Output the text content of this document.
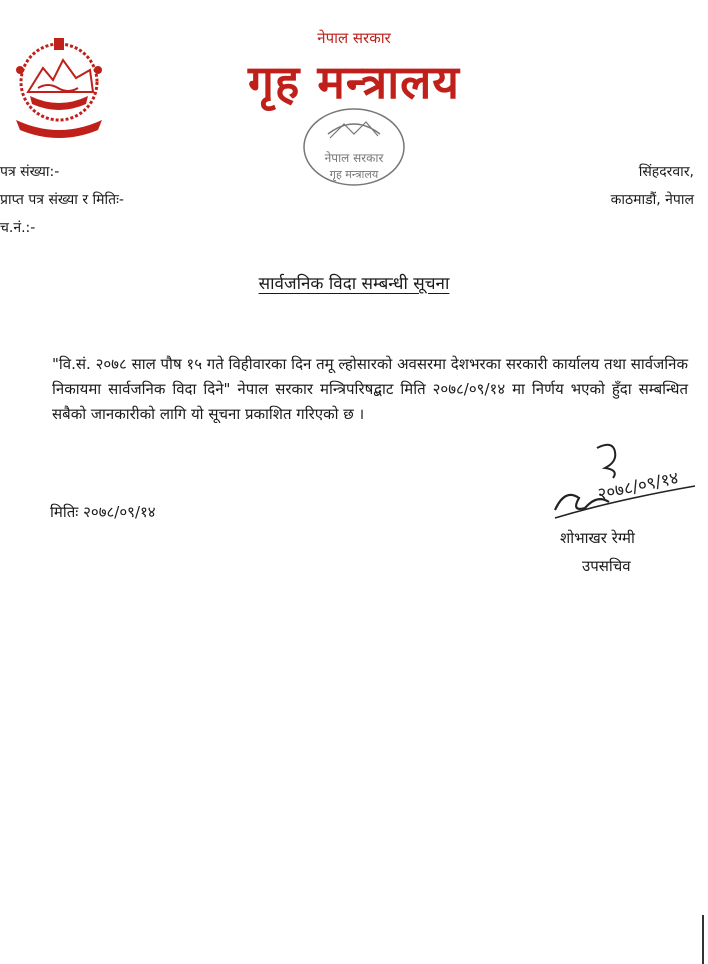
नेपाल सरकार
गृह मन्त्रालय
नेपाल सरकार
गृह मन्त्रालय
पत्र संख्या:-
प्राप्त पत्र संख्या र मितिः-
च.नं.:-
सिंहदरवार,
काठमाडौं, नेपाल
सार्वजनिक विदा सम्बन्धी सूचना
"वि.सं. २०७८ साल पौष १५ गते विहीवारका दिन तमू ल्होसारको अवसरमा देशभरका सरकारी कार्यालय तथा सार्वजनिक निकायमा सार्वजनिक विदा दिने" नेपाल सरकार मन्त्रिपरिषद्बाट मिति २०७८/०९/१४ मा निर्णय भएको हुँदा सम्बन्धित सबैको जानकारीको लागि यो सूचना प्रकाशित गरिएको छ ।
मितिः २०७८/०९/१४
२०७८/०९/१४
शोभाखर रेग्मी
उपसचिव
